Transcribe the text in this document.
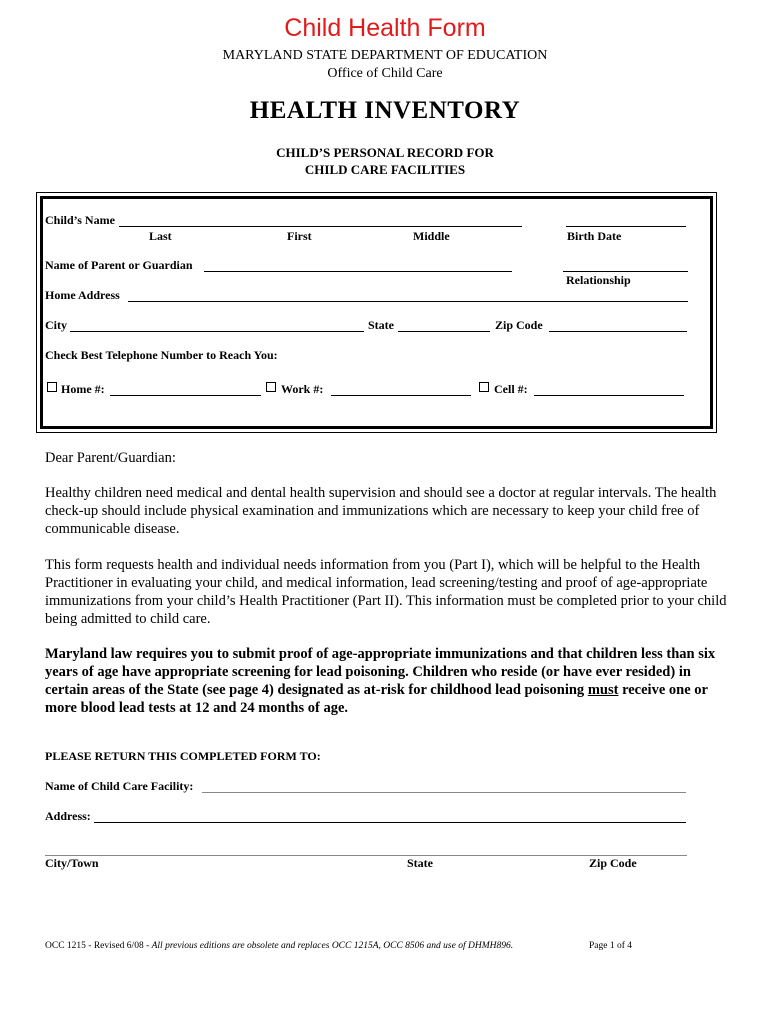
Child Health Form
MARYLAND STATE DEPARTMENT OF EDUCATION
Office of Child Care
HEALTH INVENTORY
CHILD’S PERSONAL RECORD FOR
CHILD CARE FACILITIES
Child’s Name
Last	First	Middle	Birth Date
Name of Parent or Guardian
Relationship
Home Address
City	State	Zip Code
Check Best Telephone Number to Reach You:
Home #:	Work #:	Cell #:
Dear Parent/Guardian:
Healthy children need medical and dental health supervision and should see a doctor at regular intervals. The health check-up should include physical examination and immunizations which are necessary to keep your child free of communicable disease.
This form requests health and individual needs information from you (Part I), which will be helpful to the Health Practitioner in evaluating your child, and medical information, lead screening/testing and proof of age-appropriate immunizations from your child’s Health Practitioner (Part II). This information must be completed prior to your child being admitted to child care.
Maryland law requires you to submit proof of age-appropriate immunizations and that children less than six years of age have appropriate screening for lead poisoning. Children who reside (or have ever resided) in certain areas of the State (see page 4) designated as at-risk for childhood lead poisoning must receive one or more blood lead tests at 12 and 24 months of age.
PLEASE RETURN THIS COMPLETED FORM TO:
Name of Child Care Facility:
Address:
City/Town	State	Zip Code
OCC 1215 - Revised 6/08 - All previous editions are obsolete and replaces OCC 1215A, OCC 8506 and use of DHMH896.	Page 1 of 4
